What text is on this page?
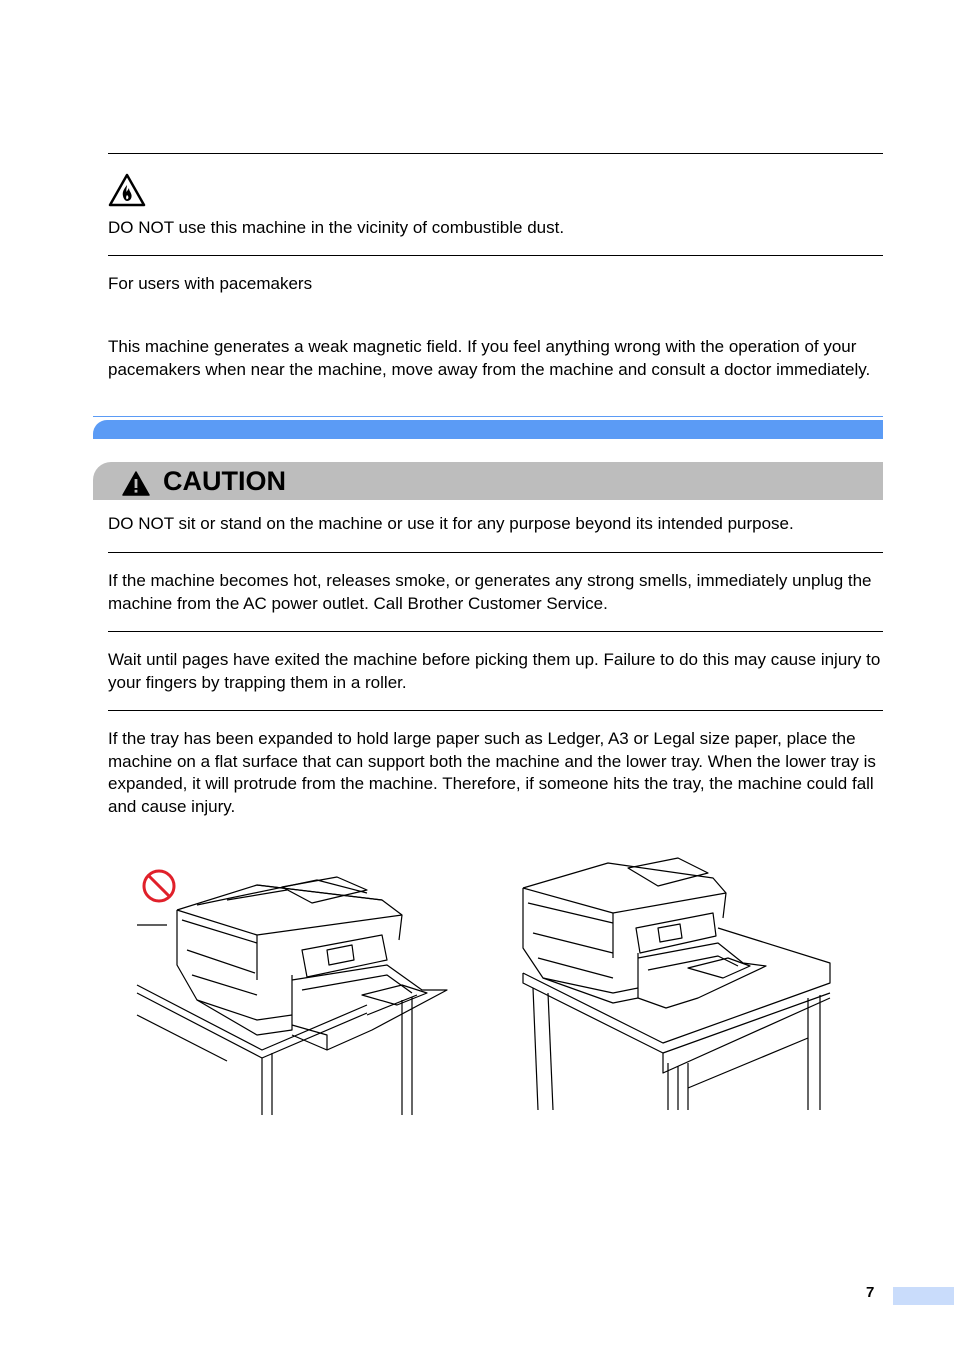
DO NOT use this machine in the vicinity of combustible dust.
For users with pacemakers
This machine generates a weak magnetic field. If you feel anything wrong with the operation of your pacemakers when near the machine, move away from the machine and consult a doctor immediately.
CAUTION
DO NOT sit or stand on the machine or use it for any purpose beyond its intended purpose.
If the machine becomes hot, releases smoke, or generates any strong smells, immediately unplug the machine from the AC power outlet. Call Brother Customer Service.
Wait until pages have exited the machine before picking them up. Failure to do this may cause injury to your fingers by trapping them in a roller.
If the tray has been expanded to hold large paper such as Ledger, A3 or Legal size paper, place the machine on a flat surface that can support both the machine and the lower tray. When the lower tray is expanded, it will protrude from the machine. Therefore, if someone hits the tray, the machine could fall and cause injury.
7
